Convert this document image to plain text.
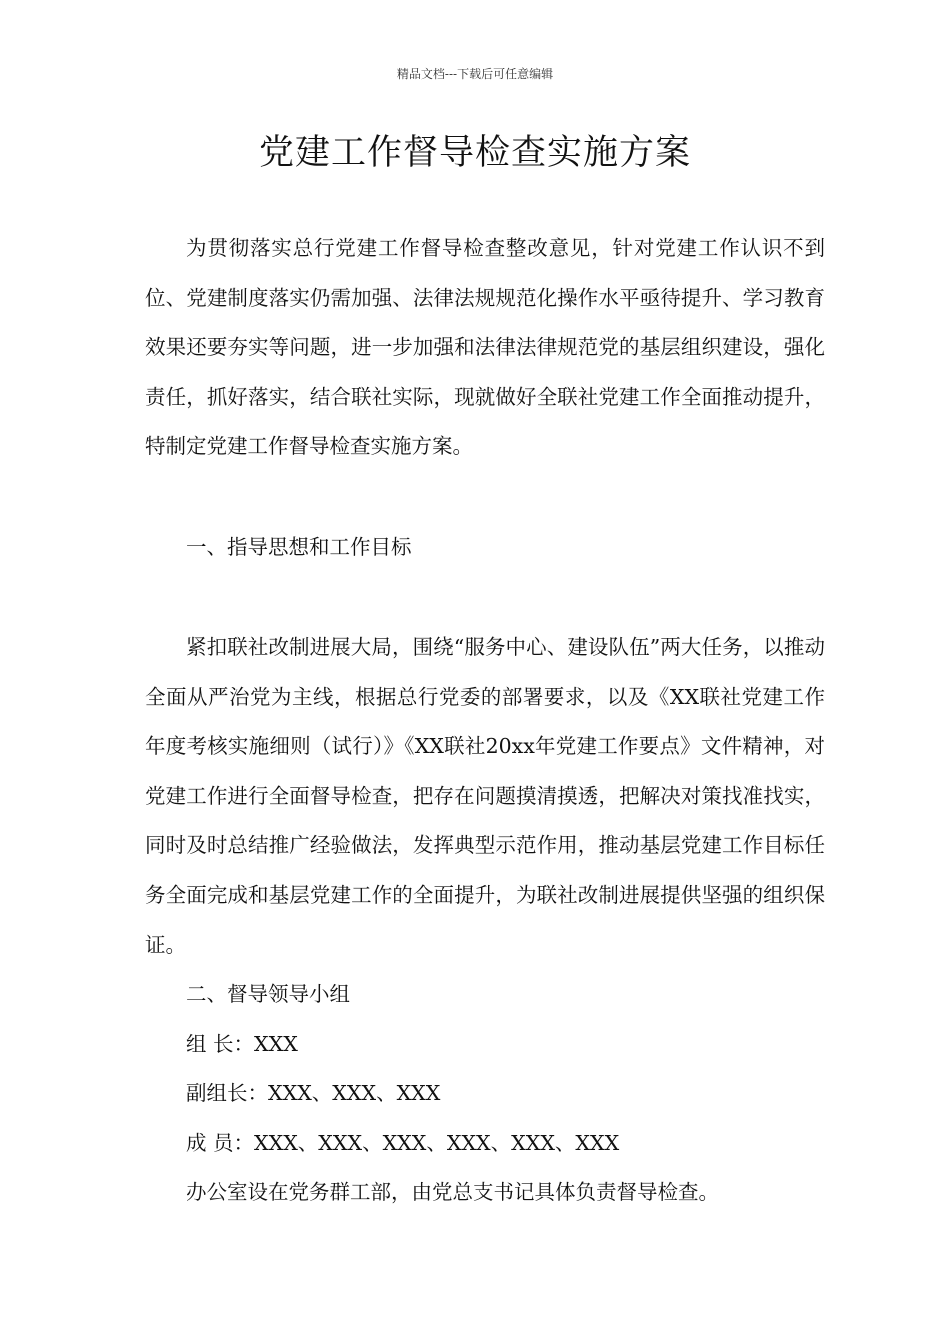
精品文档---下载后可任意编辑
党建工作督导检查实施方案

为贯彻落实总行党建工作督导检查整改意见，针对党建工作认识不到位、党建制度落实仍需加强、法律法规规范化操作水平亟待提升、学习教育效果还要夯实等问题，进一步加强和法律法律规范党的基层组织建设，强化责任，抓好落实，结合联社实际，现就做好全联社党建工作全面推动提升，特制定党建工作督导检查实施方案。

一、指导思想和工作目标

紧扣联社改制进展大局，围绕“服务中心、建设队伍”两大任务，以推动全面从严治党为主线，根据总行党委的部署要求，以及《XX联社党建工作年度考核实施细则（试行）》《XX联社20xx年党建工作要点》文件精神，对党建工作进行全面督导检查，把存在问题摸清摸透，把解决对策找准找实，同时及时总结推广经验做法，发挥典型示范作用，推动基层党建工作目标任务全面完成和基层党建工作的全面提升，为联社改制进展提供坚强的组织保证。

二、督导领导小组

组 长：XXX

副组长：XXX、XXX、XXX

成 员：XXX、XXX、XXX、XXX、XXX、XXX

办公室设在党务群工部，由党总支书记具体负责督导检查。
